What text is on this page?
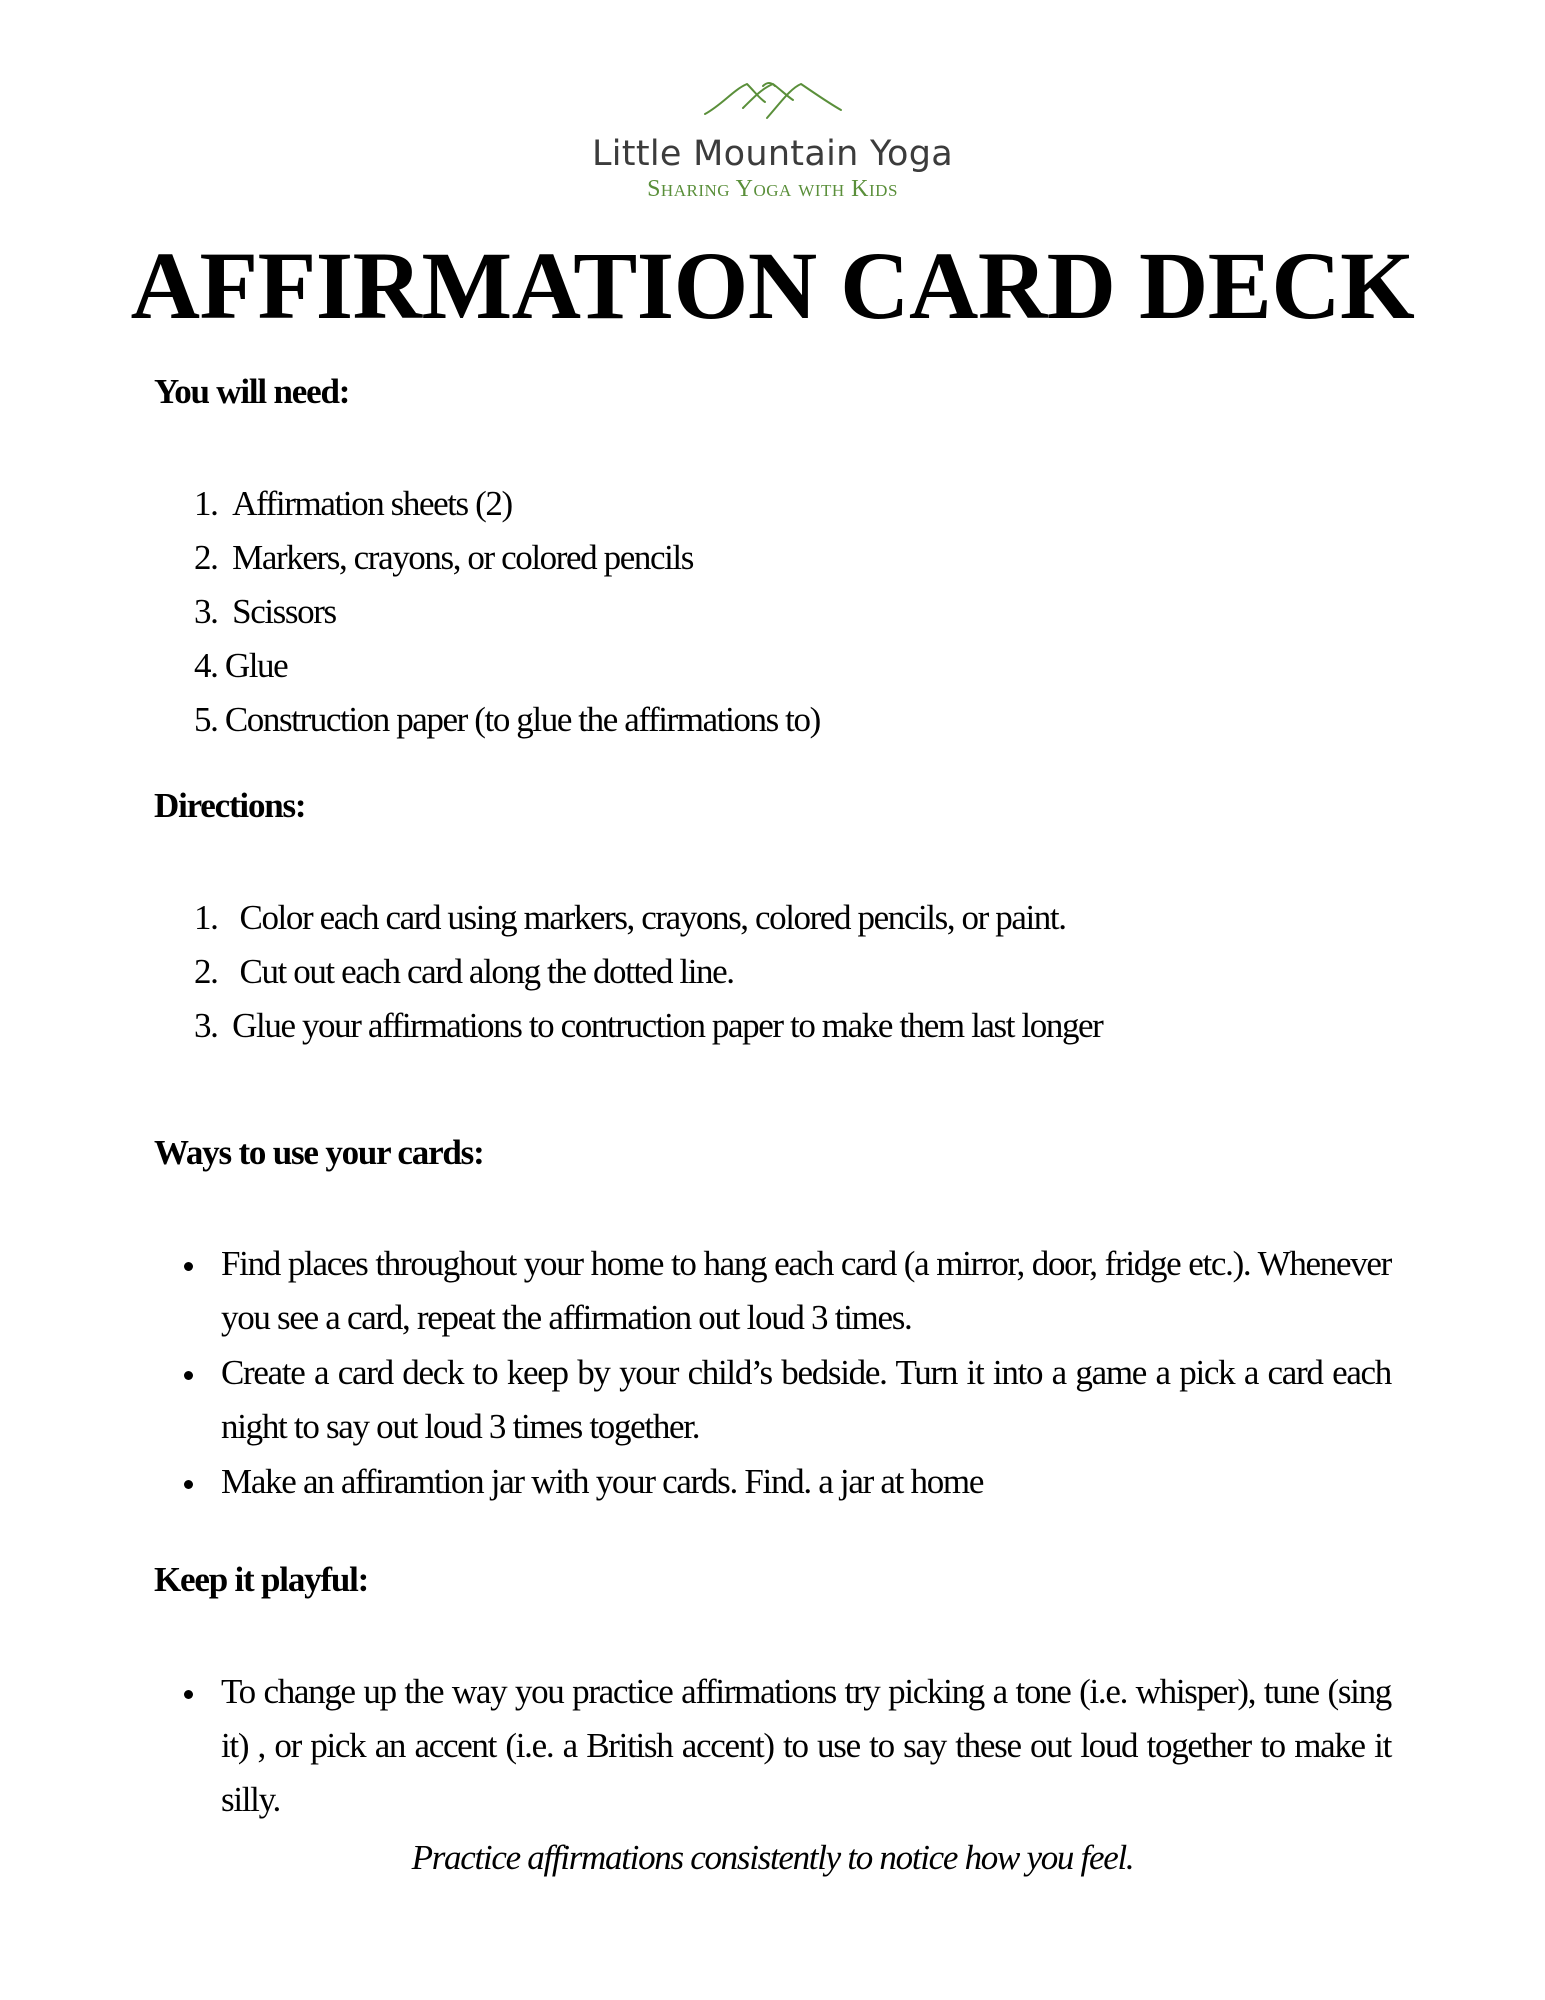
Little Mountain Yoga
Sharing Yoga with Kids
AFFIRMATION CARD DECK
You will need:

1. Affirmation sheets (2)

2. Markers, crayons, or colored pencils

3. Scissors

4. Glue

5. Construction paper (to glue the affirmations to)

Directions:

1. Color each card using markers, crayons, colored pencils, or paint.

2. Cut out each card along the dotted line.

3. Glue your affirmations to contruction paper to make them last longer

Ways to use your cards:

Find places throughout your home to hang each card (a mirror, door, fridge etc.). Whenever you see a card, repeat the affirmation out loud 3 times.

Create a card deck to keep by your child’s bedside. Turn it into a game a pick a card each night to say out loud 3 times together.

Make an affiramtion jar with your cards. Find. a jar at home

Keep it playful:

To change up the way you practice affirmations try picking a tone (i.e. whisper), tune (sing it) , or pick an accent (i.e. a British accent) to use to say these out loud together to make it silly.

Practice affirmations consistently to notice how you feel.
